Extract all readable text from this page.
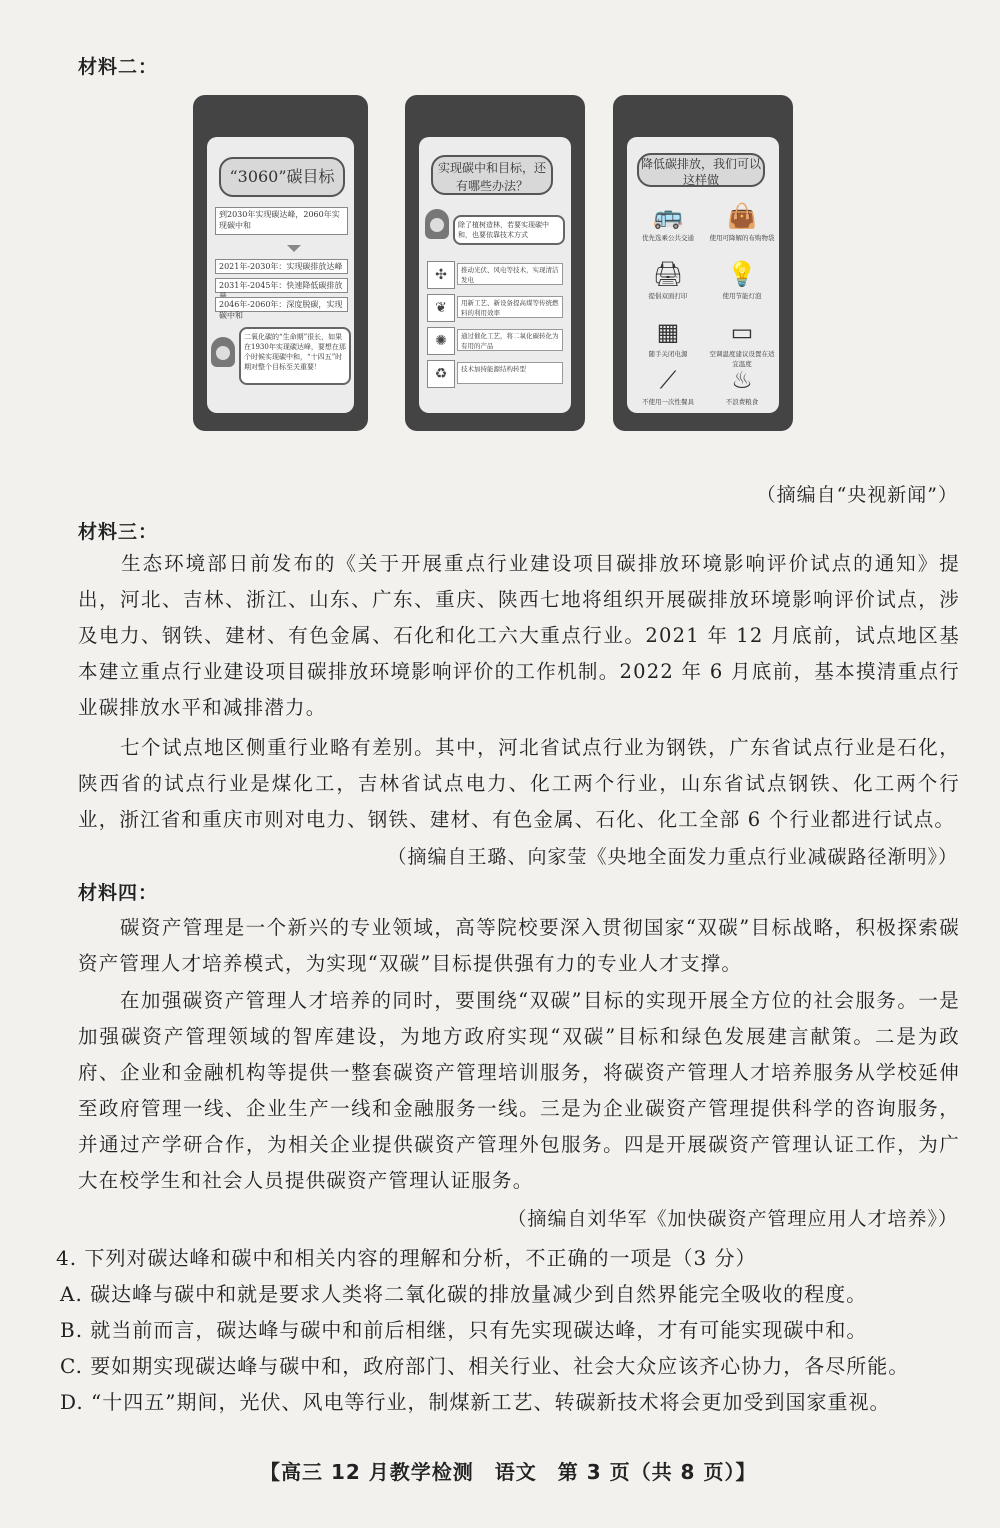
材料二：
“3060”碳目标
到2030年实现碳达峰，2060年实现碳中和
2021年-2030年：实现碳排放达峰
2031年-2045年：快速降低碳排放
2046年-2060年：深度脱碳，实现碳中和
二氧化碳的“生命期”很长，如果在1930年实现碳达峰，要想在那个时候实现碳中和，“十四五”时期对整个目标至关重要！
实现碳中和目标，还有哪些办法？
除了植树造林，若要实现碳中和，也要依靠技术方式
✣	推动光伏、风电等技术，实现清洁发电
❦	用新工艺、新设备提高煤等传统燃料的利用效率
✺	通过催化工艺，将二氧化碳转化为有用的产品
♻	技术加持能源结构转型
降低碳排放，我们可以这样做
🚌
优先选乘公共交通
👜
使用可降解的布购物袋
🖨
提倡双面打印
💡
使用节能灯泡
▦
随手关闭电源
▭
空调温度建议设置在适宜温度
⟋
不使用一次性餐具
♨
不浪费粮食
（摘编自“央视新闻”）
材料三：
　　生态环境部日前发布的《关于开展重点行业建设项目碳排放环境影响评价试点的通知》提出，河北、吉林、浙江、山东、广东、重庆、陕西七地将组织开展碳排放环境影响评价试点，涉及电力、钢铁、建材、有色金属、石化和化工六大重点行业。2021 年 12 月底前，试点地区基本建立重点行业建设项目碳排放环境影响评价的工作机制。2022 年 6 月底前，基本摸清重点行业碳排放水平和减排潜力。
　　七个试点地区侧重行业略有差别。其中，河北省试点行业为钢铁，广东省试点行业是石化，陕西省的试点行业是煤化工，吉林省试点电力、化工两个行业，山东省试点钢铁、化工两个行业，浙江省和重庆市则对电力、钢铁、建材、有色金属、石化、化工全部 6 个行业都进行试点。
（摘编自王璐、向家莹《央地全面发力重点行业减碳路径渐明》）
材料四：
　　碳资产管理是一个新兴的专业领域，高等院校要深入贯彻国家“双碳”目标战略，积极探索碳资产管理人才培养模式，为实现“双碳”目标提供强有力的专业人才支撑。
　　在加强碳资产管理人才培养的同时，要围绕“双碳”目标的实现开展全方位的社会服务。一是加强碳资产管理领域的智库建设，为地方政府实现“双碳”目标和绿色发展建言献策。二是为政府、企业和金融机构等提供一整套碳资产管理培训服务，将碳资产管理人才培养服务从学校延伸至政府管理一线、企业生产一线和金融服务一线。三是为企业碳资产管理提供科学的咨询服务，并通过产学研合作，为相关企业提供碳资产管理外包服务。四是开展碳资产管理认证工作，为广大在校学生和社会人员提供碳资产管理认证服务。
（摘编自刘华军《加快碳资产管理应用人才培养》）
4. 下列对碳达峰和碳中和相关内容的理解和分析，不正确的一项是（3 分）
A. 碳达峰与碳中和就是要求人类将二氧化碳的排放量减少到自然界能完全吸收的程度。
B. 就当前而言，碳达峰与碳中和前后相继，只有先实现碳达峰，才有可能实现碳中和。
C. 要如期实现碳达峰与碳中和，政府部门、相关行业、社会大众应该齐心协力，各尽所能。
D. “十四五”期间，光伏、风电等行业，制煤新工艺、转碳新技术将会更加受到国家重视。
【高三 12 月教学检测　语文　第 3 页（共 8 页）】
